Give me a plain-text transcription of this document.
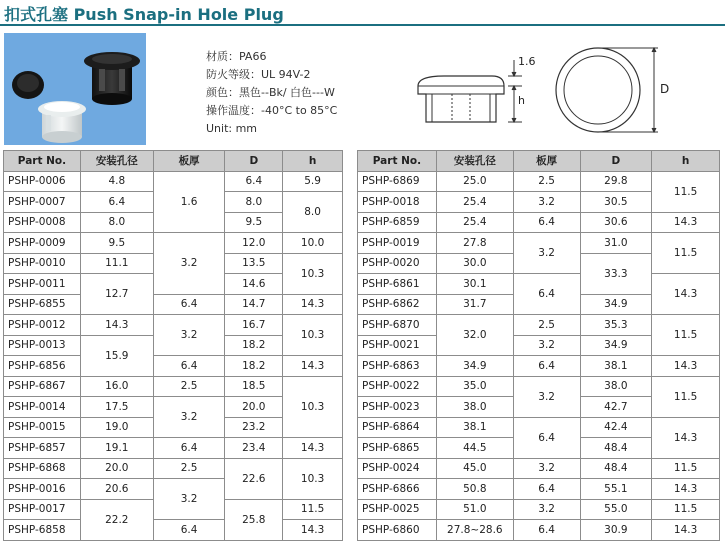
扣式孔塞 Push Snap-in Hole Plug
材质：PA66
防火等级：UL 94V-2
颜色：黑色--Bk/ 白色---W
操作温度：-40°C to 85°C
Unit: mm
1.6
h
D
Part No.	安装孔径	板厚	D	h
PSHP-0006	4.8	1.6	6.4	5.9
PSHP-0007	6.4		8.0	8.0
PSHP-0008	8.0		9.5	
PSHP-0009	9.5	3.2	12.0	10.0
PSHP-0010	11.1		13.5	10.3
PSHP-0011	12.7		14.6	
PSHP-6855		6.4	14.7	14.3
PSHP-0012	14.3	3.2	16.7	10.3
PSHP-0013	15.9		18.2	
PSHP-6856		6.4	18.2	14.3
PSHP-6867	16.0	2.5	18.5	10.3
PSHP-0014	17.5	3.2	20.0	
PSHP-0015	19.0		23.2	
PSHP-6857	19.1	6.4	23.4	14.3
PSHP-6868	20.0	2.5	22.6	10.3
PSHP-0016	20.6	3.2		
PSHP-0017	22.2		25.8	11.5
PSHP-6858		6.4		14.3
Part No.	安装孔径	板厚	D	h
PSHP-6869	25.0	2.5	29.8	11.5
PSHP-0018	25.4	3.2	30.5	
PSHP-6859	25.4	6.4	30.6	14.3
PSHP-0019	27.8	3.2	31.0	11.5
PSHP-0020	30.0		33.3	
PSHP-6861	30.1	6.4		14.3
PSHP-6862	31.7		34.9	
PSHP-6870	32.0	2.5	35.3	11.5
PSHP-0021		3.2	34.9	
PSHP-6863	34.9	6.4	38.1	14.3
PSHP-0022	35.0	3.2	38.0	11.5
PSHP-0023	38.0		42.7	
PSHP-6864	38.1	6.4	42.4	14.3
PSHP-6865	44.5		48.4	
PSHP-0024	45.0	3.2	48.4	11.5
PSHP-6866	50.8	6.4	55.1	14.3
PSHP-0025	51.0	3.2	55.0	11.5
PSHP-6860	27.8~28.6	6.4	30.9	14.3
